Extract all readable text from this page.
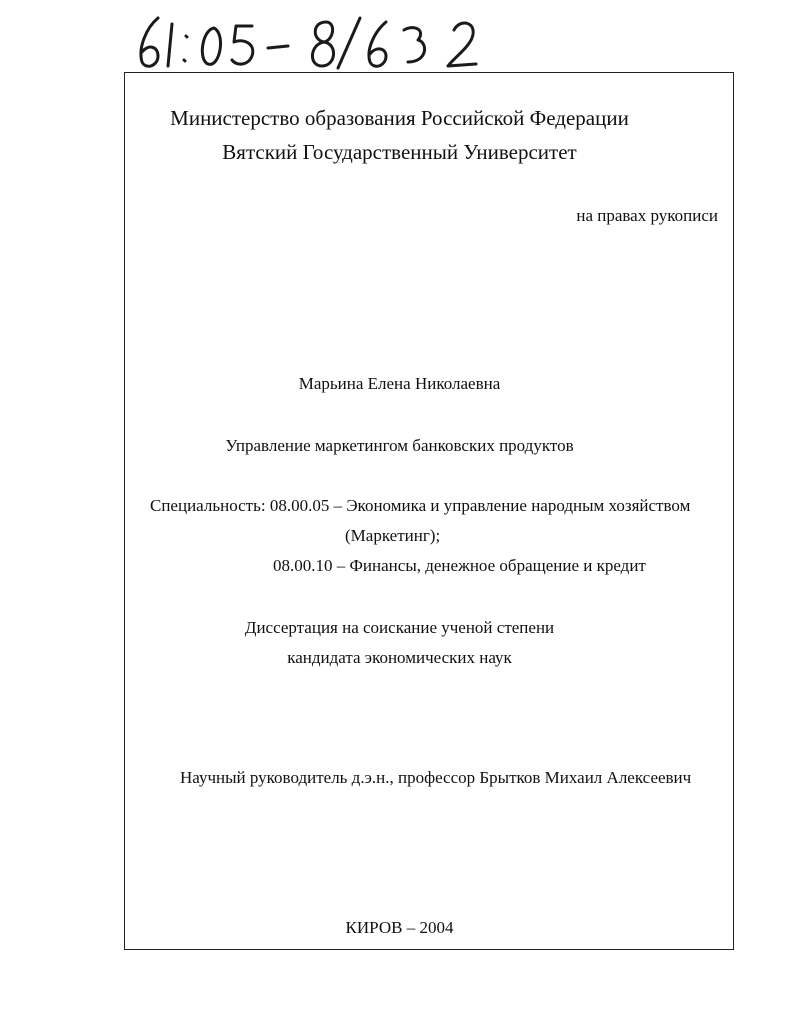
Министерство образования Российской Федерации
Вятский Государственный Университет
на правах рукописи
Марьина Елена Николаевна
Управление маркетингом банковских продуктов
Специальность: 08.00.05 – Экономика и управление народным хозяйством
(Маркетинг);
08.00.10 – Финансы, денежное обращение и кредит
Диссертация на соискание ученой степени
кандидата экономических наук
Научный руководитель д.э.н., профессор Брытков Михаил Алексеевич
КИРОВ – 2004
